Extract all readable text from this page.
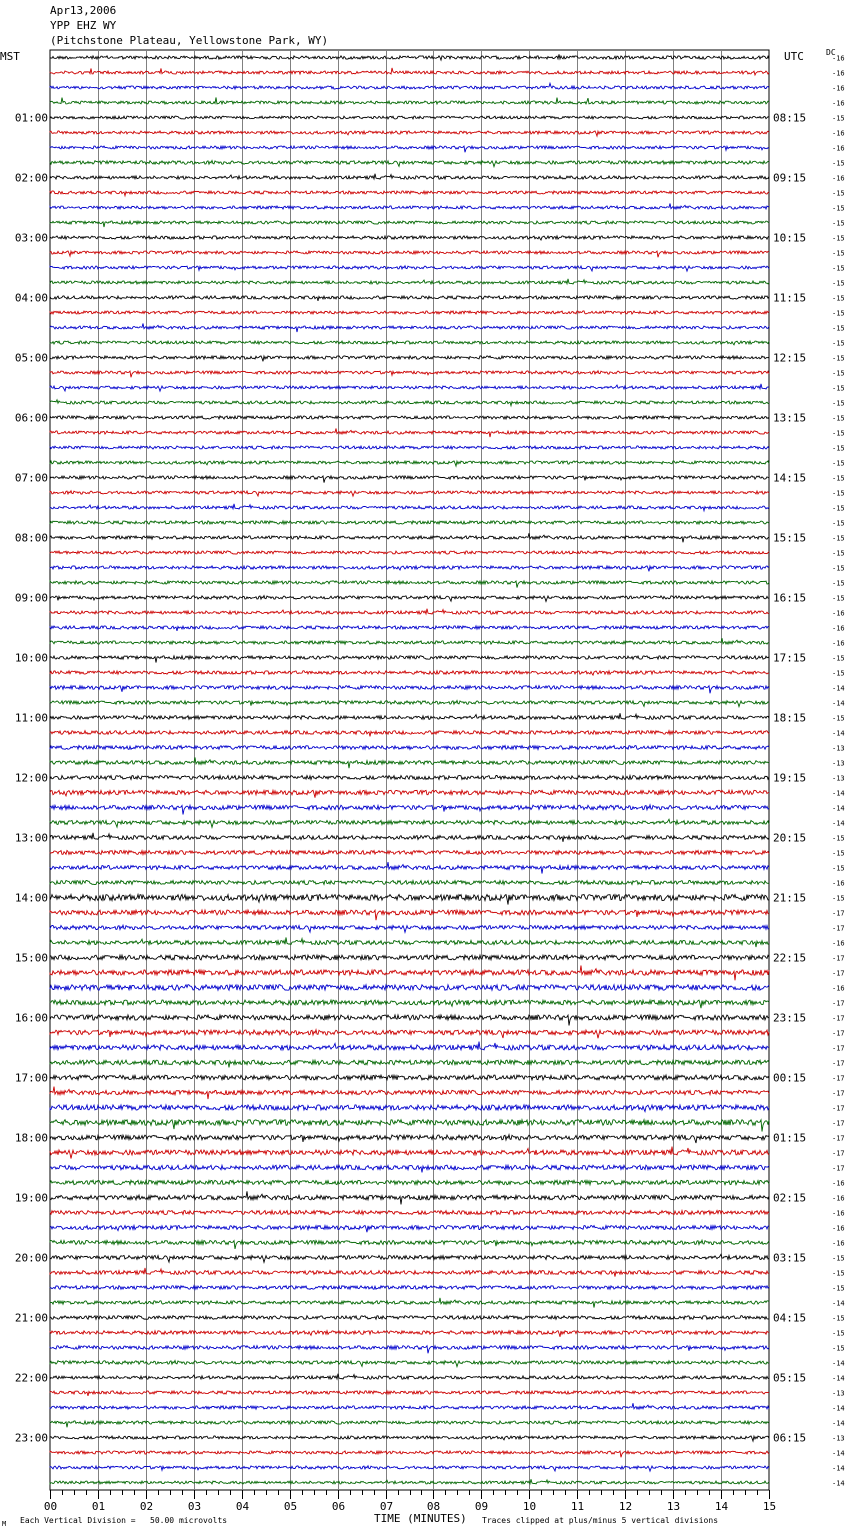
Apr13,2006
YPP EHZ WY
(Pitchstone Plateau, Yellowstone Park, WY)
MST	UTC	DC
00	01	02	03	04	05	06	07	08	09	10	11	12	13	14	15
-16
-16
-16
-16
-15
-16
-16
-15
-16
-15
-15
-15
-15
-15
-15
-15
-15
-15
-15
-15
-15
-15
-15
-15
-15
-15
-15
-15
-15
-15
-15
-15
-15
-15
-15
-15
-15
-16
-16
-16
-15
-15
-14
-14
-15
-14
-13
-13
-13
-14
-14
-14
-15
-15
-15
-16
-15
-17
-17
-16
-17
-17
-16
-17
-17
-17
-17
-17
-17
-17
-17
-17
-17
-17
-17
-16
-16
-16
-16
-16
-15
-15
-15
-14
-15
-15
-15
-14
-14
-13
-14
-14
-13
-14
-14
-14
01:00	08:15
02:00	09:15
03:00	10:15
04:00	11:15
05:00	12:15
06:00	13:15
07:00	14:15
08:00	15:15
09:00	16:15
10:00	17:15
11:00	18:15
12:00	19:15
13:00	20:15
14:00	21:15
15:00	22:15
16:00	23:15
17:00	00:15
18:00	01:15
19:00	02:15
20:00	03:15
21:00	04:15
22:00	05:15
23:00	06:15
M Each Vertical Division =   50.00 microvolts	TIME (MINUTES) Traces clipped at plus/minus 5 vertical divisions
